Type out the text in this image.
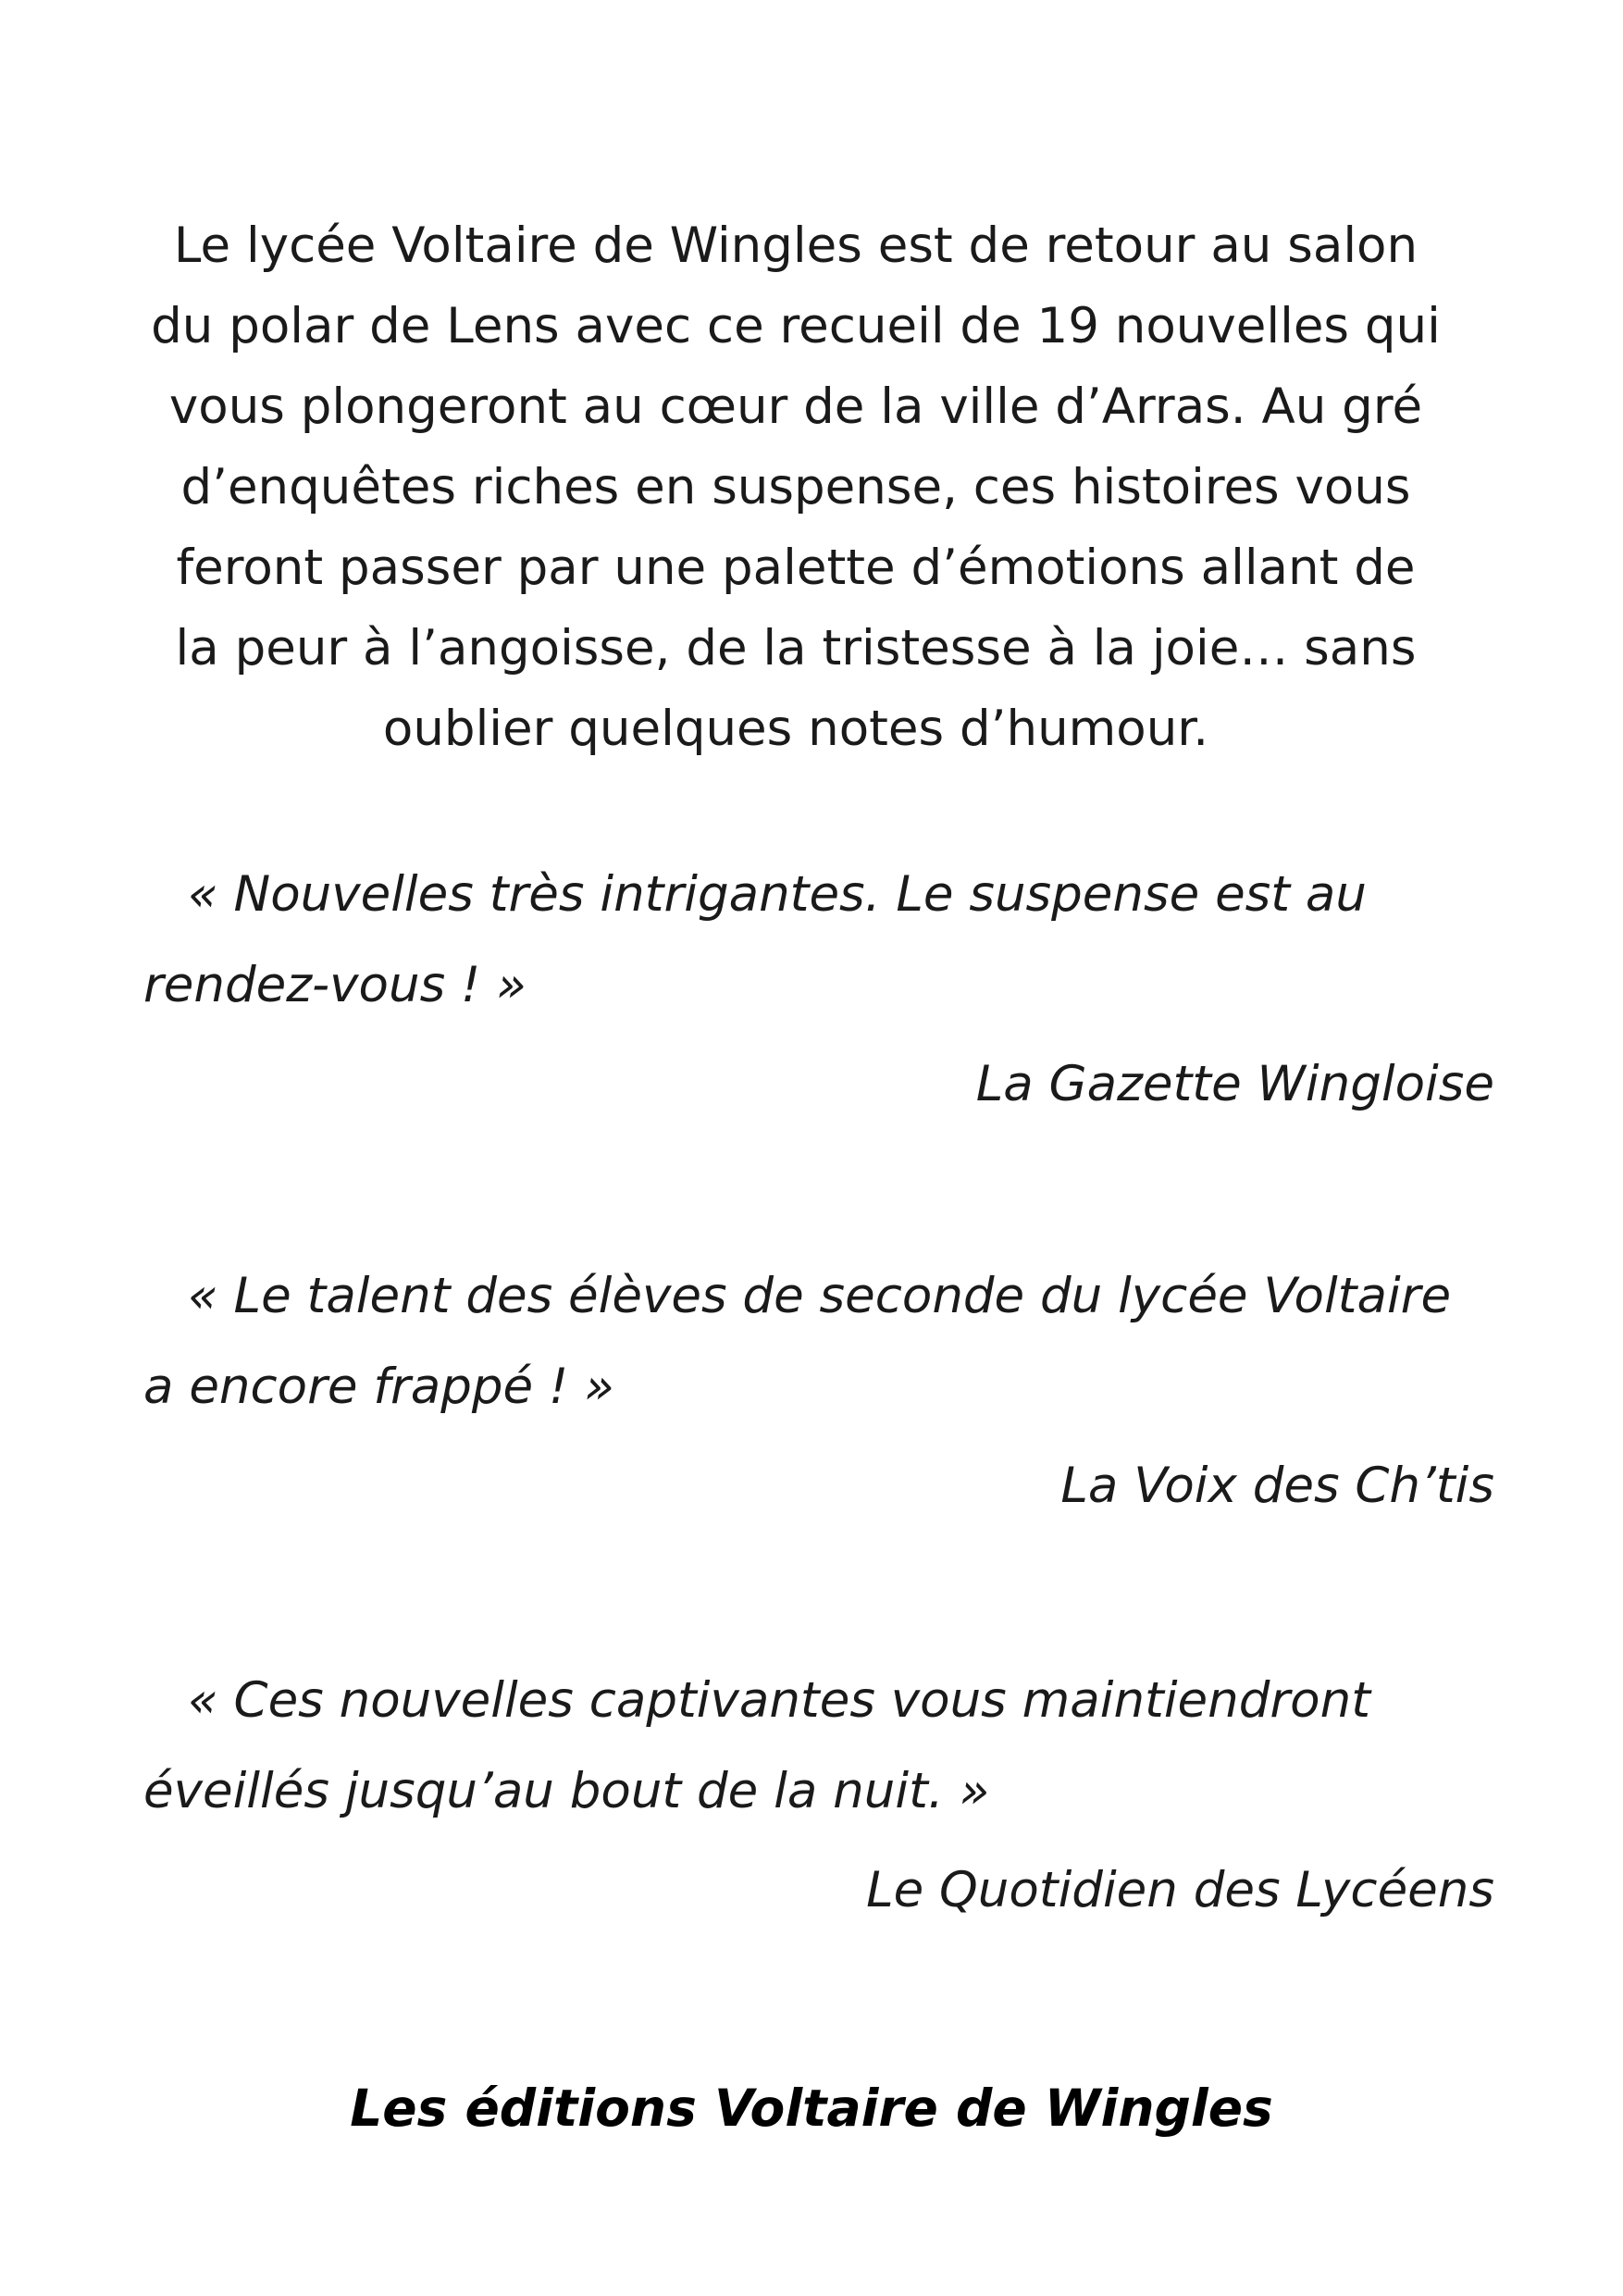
Le lycée Voltaire de Wingles est de retour au salon
du polar de Lens avec ce recueil de 19 nouvelles qui
vous plongeront au cœur de la ville d’Arras. Au gré
d’enquêtes riches en suspense, ces histoires vous
feront passer par une palette d’émotions allant de
la peur à l’angoisse, de la tristesse à la joie… sans
oublier quelques notes d’humour.

« Nouvelles très intrigantes. Le suspense est au
rendez-vous ! »

La Gazette Wingloise

« Le talent des élèves de seconde du lycée Voltaire
a encore frappé ! »

La Voix des Ch’tis

« Ces nouvelles captivantes vous maintiendront
éveillés jusqu’au bout de la nuit. »

Le Quotidien des Lycéens

Les éditions Voltaire de Wingles
